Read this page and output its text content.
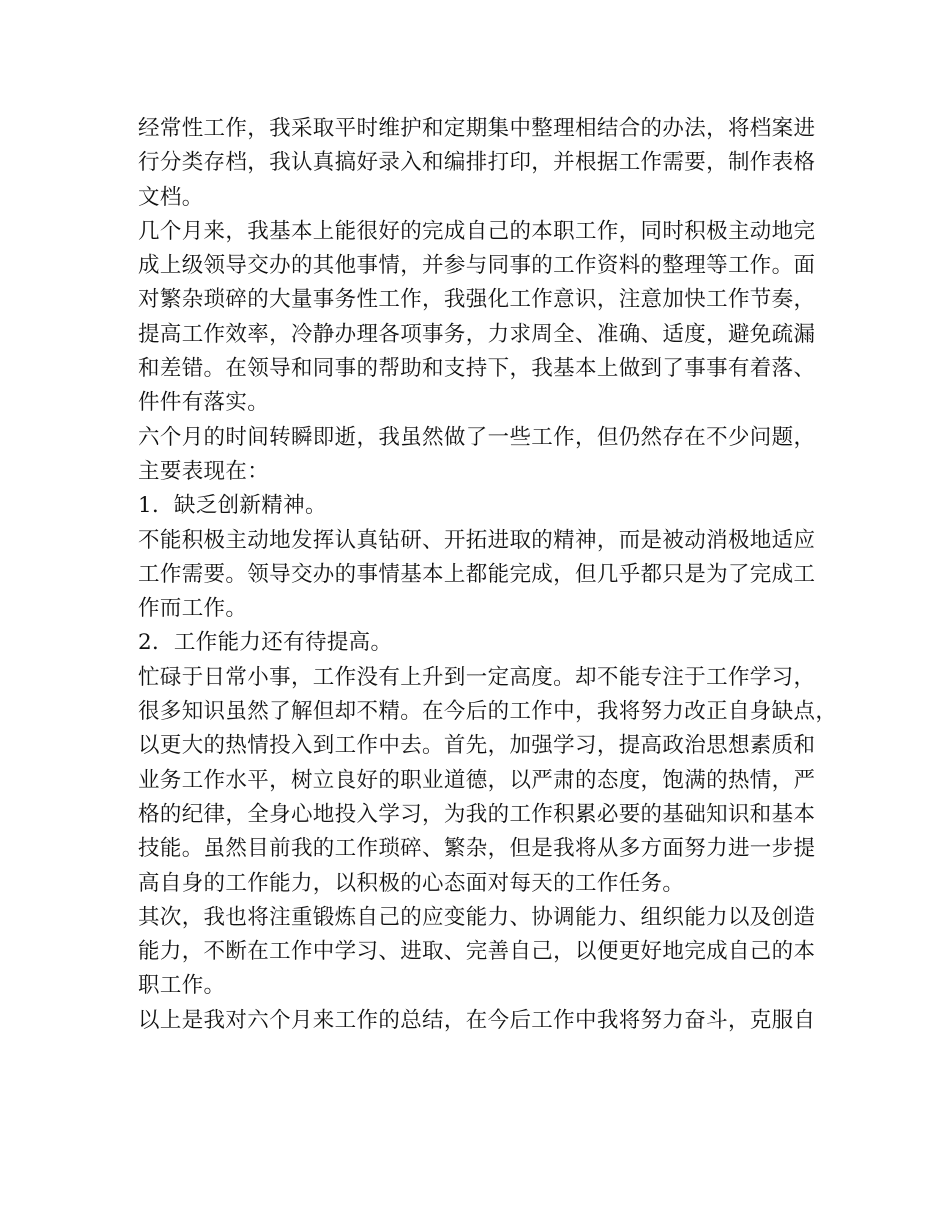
经常性工作，我采取平时维护和定期集中整理相结合的办法，将档案进
行分类存档，我认真搞好录入和编排打印，并根据工作需要，制作表格
文档。
几个月来，我基本上能很好的完成自己的本职工作，同时积极主动地完
成上级领导交办的其他事情，并参与同事的工作资料的整理等工作。面
对繁杂琐碎的大量事务性工作，我强化工作意识，注意加快工作节奏，
提高工作效率，冷静办理各项事务，力求周全、准确、适度，避免疏漏
和差错。在领导和同事的帮助和支持下，我基本上做到了事事有着落、
件件有落实。
六个月的时间转瞬即逝，我虽然做了一些工作，但仍然存在不少问题，
主要表现在：
1．缺乏创新精神。
不能积极主动地发挥认真钻研、开拓进取的精神，而是被动消极地适应
工作需要。领导交办的事情基本上都能完成，但几乎都只是为了完成工
作而工作。
2．工作能力还有待提高。
忙碌于日常小事，工作没有上升到一定高度。却不能专注于工作学习，
很多知识虽然了解但却不精。在今后的工作中，我将努力改正自身缺点，
以更大的热情投入到工作中去。首先，加强学习，提高政治思想素质和
业务工作水平，树立良好的职业道德，以严肃的态度，饱满的热情，严
格的纪律，全身心地投入学习，为我的工作积累必要的基础知识和基本
技能。虽然目前我的工作琐碎、繁杂，但是我将从多方面努力进一步提
高自身的工作能力，以积极的心态面对每天的工作任务。
其次，我也将注重锻炼自己的应变能力、协调能力、组织能力以及创造
能力，不断在工作中学习、进取、完善自己，以便更好地完成自己的本
职工作。
以上是我对六个月来工作的总结，在今后工作中我将努力奋斗，克服自
